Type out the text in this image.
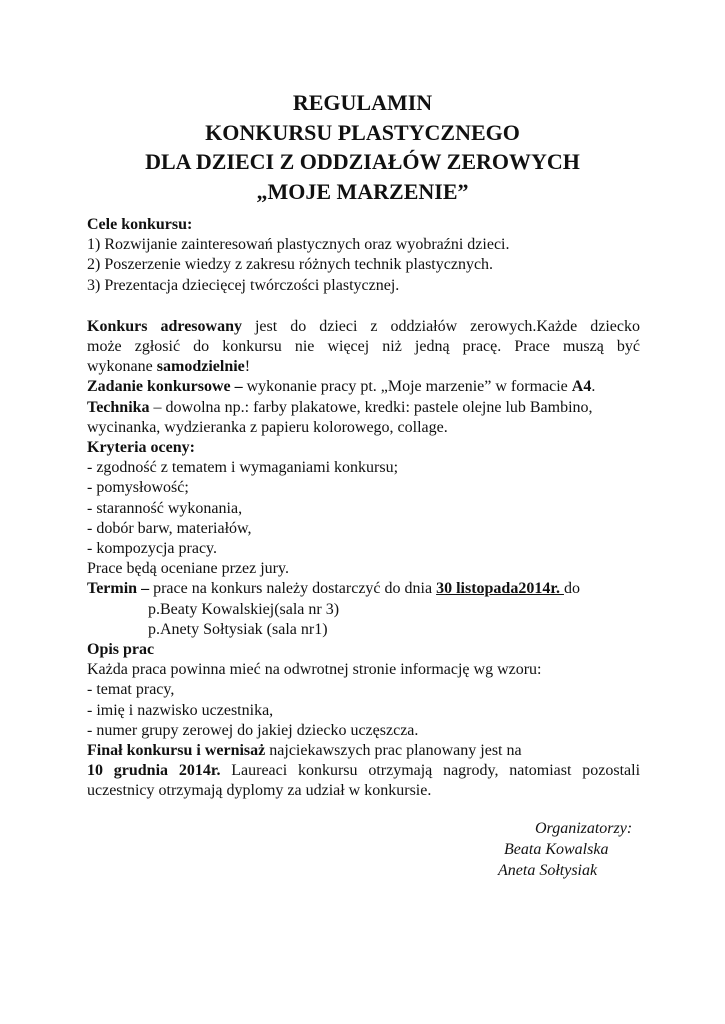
REGULAMIN
KONKURSU PLASTYCZNEGO
DLA DZIECI Z ODDZIAŁÓW ZEROWYCH
„MOJE MARZENIE”
Cele konkursu:
1) Rozwijanie zainteresowań plastycznych oraz wyobraźni dzieci.
2) Poszerzenie wiedzy z zakresu różnych technik plastycznych.
3) Prezentacja dziecięcej twórczości plastycznej.
Konkurs adresowany jest do dzieci z oddziałów zerowych.Każde dziecko
może zgłosić do konkursu nie więcej niż jedną pracę. Prace muszą być
wykonane samodzielnie!
Zadanie konkursowe – wykonanie pracy pt. „Moje marzenie” w formacie A4.
Technika – dowolna np.: farby plakatowe, kredki: pastele olejne lub Bambino,
wycinanka, wydzieranka z papieru kolorowego, collage.
Kryteria oceny:
- zgodność z tematem i wymaganiami konkursu;
- pomysłowość;
- staranność wykonania,
- dobór barw, materiałów,
- kompozycja pracy.
Prace będą oceniane przez jury.
Termin – prace na konkurs należy dostarczyć do dnia 30 listopada2014r. do
p.Beaty Kowalskiej(sala nr 3)
p.Anety Sołtysiak (sala nr1)
Opis prac
Każda praca powinna mieć na odwrotnej stronie informację wg wzoru:
- temat pracy,
- imię i nazwisko uczestnika,
- numer grupy zerowej do jakiej dziecko uczęszcza.
Finał konkursu i wernisaż najciekawszych prac planowany jest na
10 grudnia 2014r. Laureaci konkursu otrzymają nagrody, natomiast pozostali
uczestnicy otrzymają dyplomy za udział w konkursie.
Organizatorzy:
Beata Kowalska
Aneta Sołtysiak
